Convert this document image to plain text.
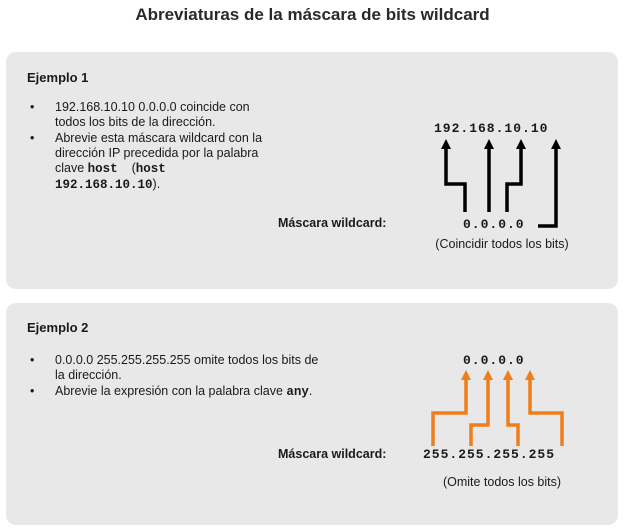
Abreviaturas de la máscara de bits wildcard
Ejemplo 1
• 192.168.10.10 0.0.0.0 coincide con todos los bits de la dirección.
• Abrevie esta máscara wildcard con la dirección IP precedida por la palabra clave host (host 192.168.10.10).
192.168.10.10
Máscara wildcard:	0.0.0.0
(Coincidir todos los bits)
Ejemplo 2
• 0.0.0.0 255.255.255.255 omite todos los bits de la dirección.
• Abrevie la expresión con la palabra clave any.
0.0.0.0
Máscara wildcard:	255.255.255.255
(Omite todos los bits)
